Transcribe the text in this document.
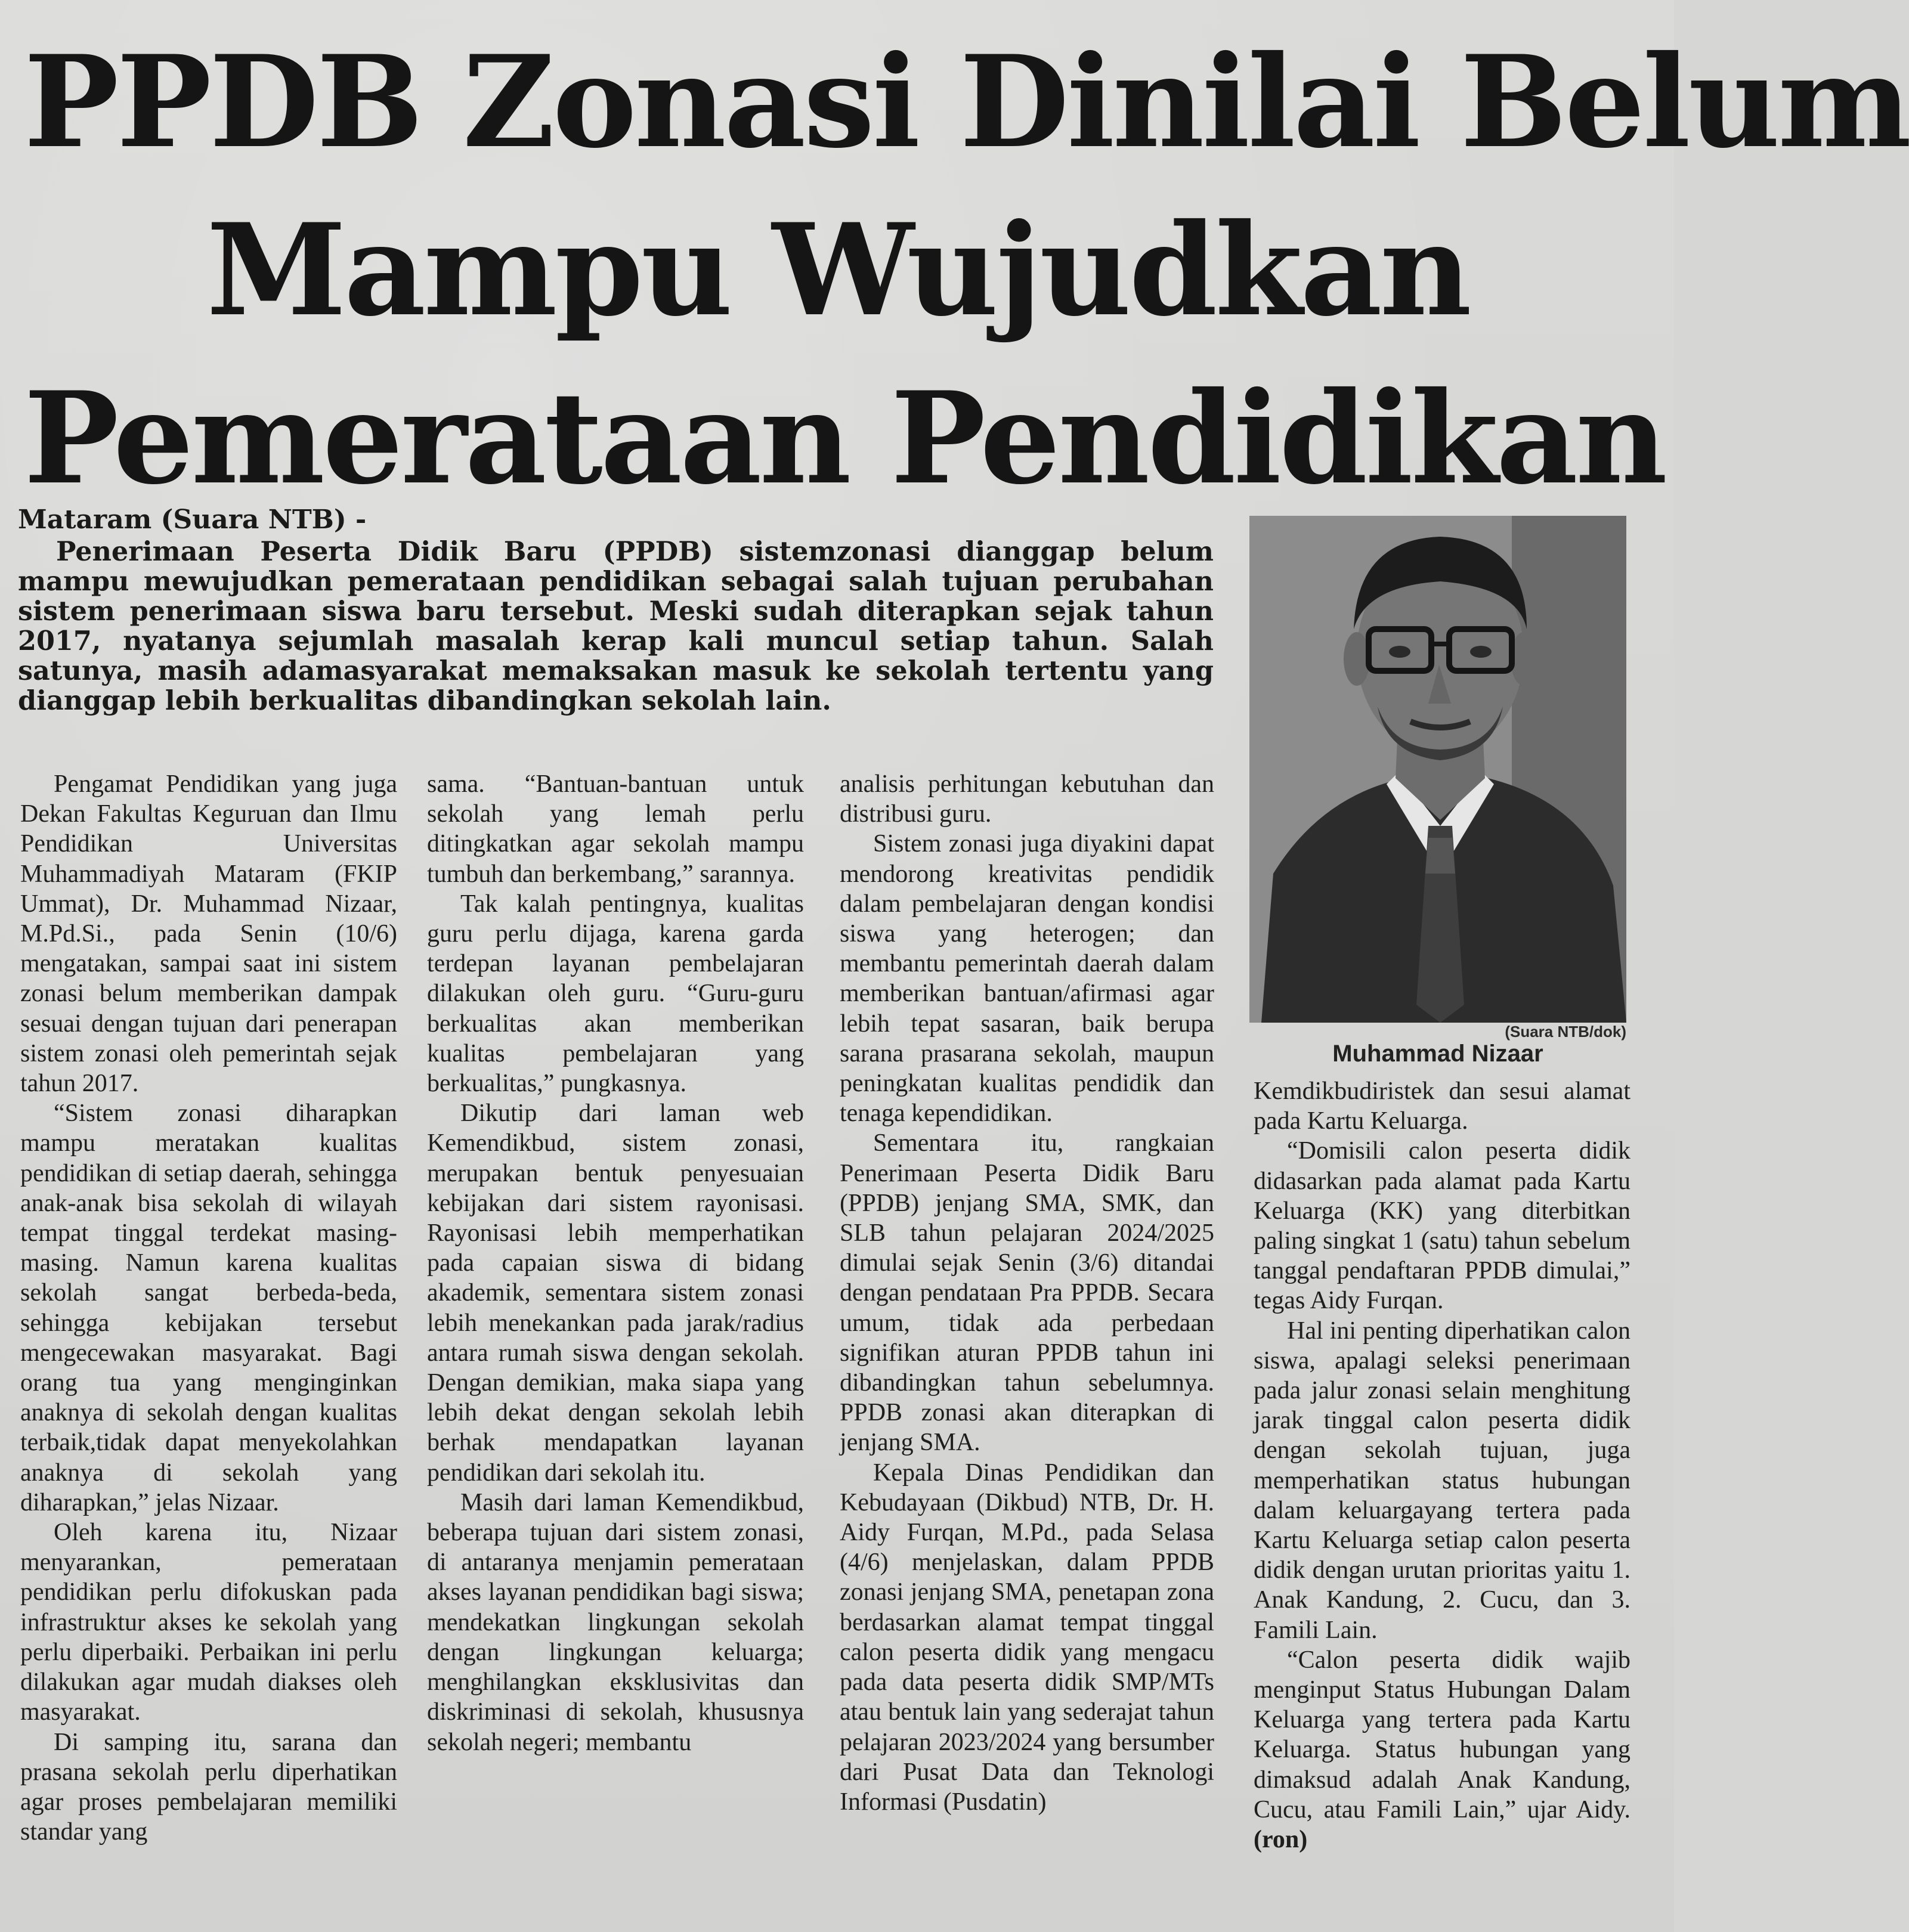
PPDB Zonasi Dinilai Belum
Mampu Wujudkan
Pemerataan Pendidikan
Mataram (Suara NTB) -

Penerimaan Peserta Didik Baru (PPDB) sistemzonasi dianggap belum mampu mewujudkan pemerataan pendidikan sebagai salah tujuan perubahan sistem penerimaan siswa baru tersebut. Meski sudah diterapkan sejak tahun 2017, nyatanya sejumlah masalah kerap kali muncul setiap tahun. Salah satunya, masih adamasyarakat memaksakan masuk ke sekolah tertentu yang dianggap lebih berkualitas dibandingkan sekolah lain.

(Suara NTB/dok)
Muhammad Nizaar

Pengamat Pendidikan yang juga Dekan Fakultas Keguruan dan Ilmu Pendidikan Universitas Muhammadiyah Mataram (FKIP Ummat), Dr. Muhammad Nizaar, M.Pd.Si., pada Senin (10/6) mengatakan, sampai saat ini sistem zonasi belum memberikan dampak sesuai dengan tujuan dari penerapan sistem zonasi oleh pemerintah sejak tahun 2017.

“Sistem zonasi diharapkan mampu meratakan kualitas pendidikan di setiap daerah, sehingga anak-anak bisa sekolah di wilayah tempat tinggal terdekat masing-masing. Namun karena kualitas sekolah sangat berbeda-beda, sehingga kebijakan tersebut mengecewakan masyarakat. Bagi orang tua yang menginginkan anaknya di sekolah dengan kualitas terbaik,tidak dapat menyekolahkan anaknya di sekolah yang diharapkan,” jelas Nizaar.

Oleh karena itu, Nizaar menyarankan, pemerataan pendidikan perlu difokuskan pada infrastruktur akses ke sekolah yang perlu diperbaiki. Perbaikan ini perlu dilakukan agar mudah diakses oleh masyarakat.

Di samping itu, sarana dan prasana sekolah perlu diperhatikan agar proses pembelajaran memiliki standar yang

sama. “Bantuan-bantuan untuk sekolah yang lemah perlu ditingkatkan agar sekolah mampu tumbuh dan berkembang,” sarannya.

Tak kalah pentingnya, kualitas guru perlu dijaga, karena garda terdepan layanan pembelajaran dilakukan oleh guru. “Guru-guru berkualitas akan memberikan kualitas pembelajaran yang berkualitas,” pungkasnya.

Dikutip dari laman web Kemendikbud, sistem zonasi, merupakan bentuk penyesuaian kebijakan dari sistem rayonisasi. Rayonisasi lebih memperhatikan pada capaian siswa di bidang akademik, sementara sistem zonasi lebih menekankan pada jarak/radius antara rumah siswa dengan sekolah. Dengan demikian, maka siapa yang lebih dekat dengan sekolah lebih berhak mendapatkan layanan pendidikan dari sekolah itu.

Masih dari laman Kemendikbud, beberapa tujuan dari sistem zonasi, di antaranya menjamin pemerataan akses layanan pendidikan bagi siswa; mendekatkan lingkungan sekolah dengan lingkungan keluarga; menghilangkan eksklusivitas dan diskriminasi di sekolah, khususnya sekolah negeri; membantu

analisis perhitungan kebutuhan dan distribusi guru.

Sistem zonasi juga diyakini dapat mendorong kreativitas pendidik dalam pembelajaran dengan kondisi siswa yang heterogen; dan membantu pemerintah daerah dalam memberikan bantuan/afirmasi agar lebih tepat sasaran, baik berupa sarana prasarana sekolah, maupun peningkatan kualitas pendidik dan tenaga kependidikan.

Sementara itu, rangkaian Penerimaan Peserta Didik Baru (PPDB) jenjang SMA, SMK, dan SLB tahun pelajaran 2024/2025 dimulai sejak Senin (3/6) ditandai dengan pendataan Pra PPDB. Secara umum, tidak ada perbedaan signifikan aturan PPDB tahun ini dibandingkan tahun sebelumnya. PPDB zonasi akan diterapkan di jenjang SMA.

Kepala Dinas Pendidikan dan Kebudayaan (Dikbud) NTB, Dr. H. Aidy Furqan, M.Pd., pada Selasa (4/6) menjelaskan, dalam PPDB zonasi jenjang SMA, penetapan zona berdasarkan alamat tempat tinggal calon peserta didik yang mengacu pada data peserta didik SMP/MTs atau bentuk lain yang sederajat tahun pelajaran 2023/2024 yang bersumber dari Pusat Data dan Teknologi Informasi (Pusdatin)

Kemdikbudiristek dan sesui alamat pada Kartu Keluarga.

“Domisili calon peserta didik didasarkan pada alamat pada Kartu Keluarga (KK) yang diterbitkan paling singkat 1 (satu) tahun sebelum tanggal pendaftaran PPDB dimulai,” tegas Aidy Furqan.

Hal ini penting diperhatikan calon siswa, apalagi seleksi penerimaan pada jalur zonasi selain menghitung jarak tinggal calon peserta didik dengan sekolah tujuan, juga memperhatikan status hubungan dalam keluargayang tertera pada Kartu Keluarga setiap calon peserta didik dengan urutan prioritas yaitu 1. Anak Kandung, 2. Cucu, dan 3. Famili Lain.

“Calon peserta didik wajib menginput Status Hubungan Dalam Keluarga yang tertera pada Kartu Keluarga. Status hubungan yang dimaksud adalah Anak Kandung, Cucu, atau Famili Lain,” ujar Aidy. (ron)
